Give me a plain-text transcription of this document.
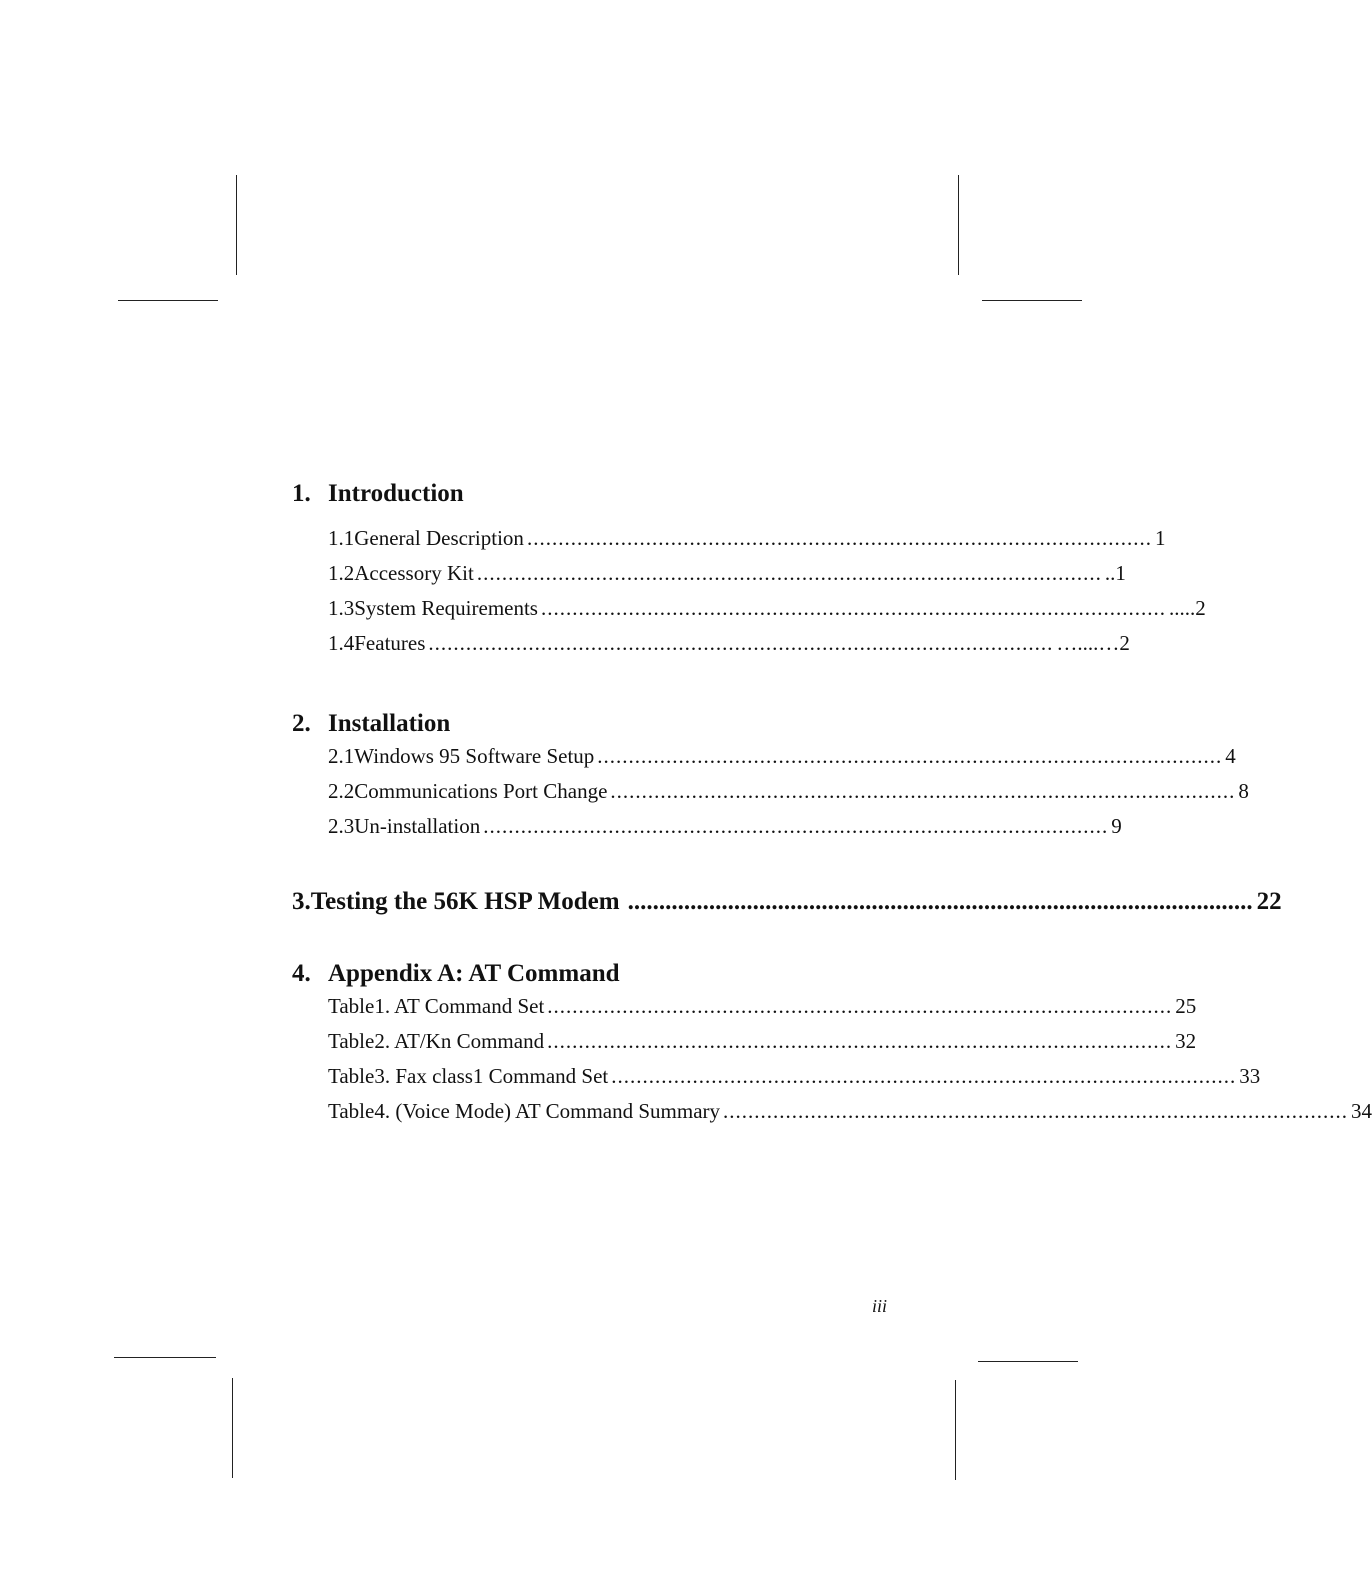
1. Introduction
1.1 General Description .................................................................................................... 1
1.2 Accessory Kit .................................................................................................... ..1
1.3 System Requirements .................................................................................................... .....2
1.4 Features .................................................................................................... …....…2
2. Installation
2.1 Windows 95 Software Setup .................................................................................................... 4
2.2 Communications Port Change .................................................................................................... 8
2.3 Un-installation .................................................................................................... 9
3. Testing the 56K HSP Modem .................................................................................................... 22
4. Appendix A: AT Command
Table1. AT Command Set .................................................................................................... 25
Table2. AT/Kn Command .................................................................................................... 32
Table3. Fax class1 Command Set .................................................................................................... 33
Table4. (Voice Mode) AT Command Summary .................................................................................................... 34
iii
